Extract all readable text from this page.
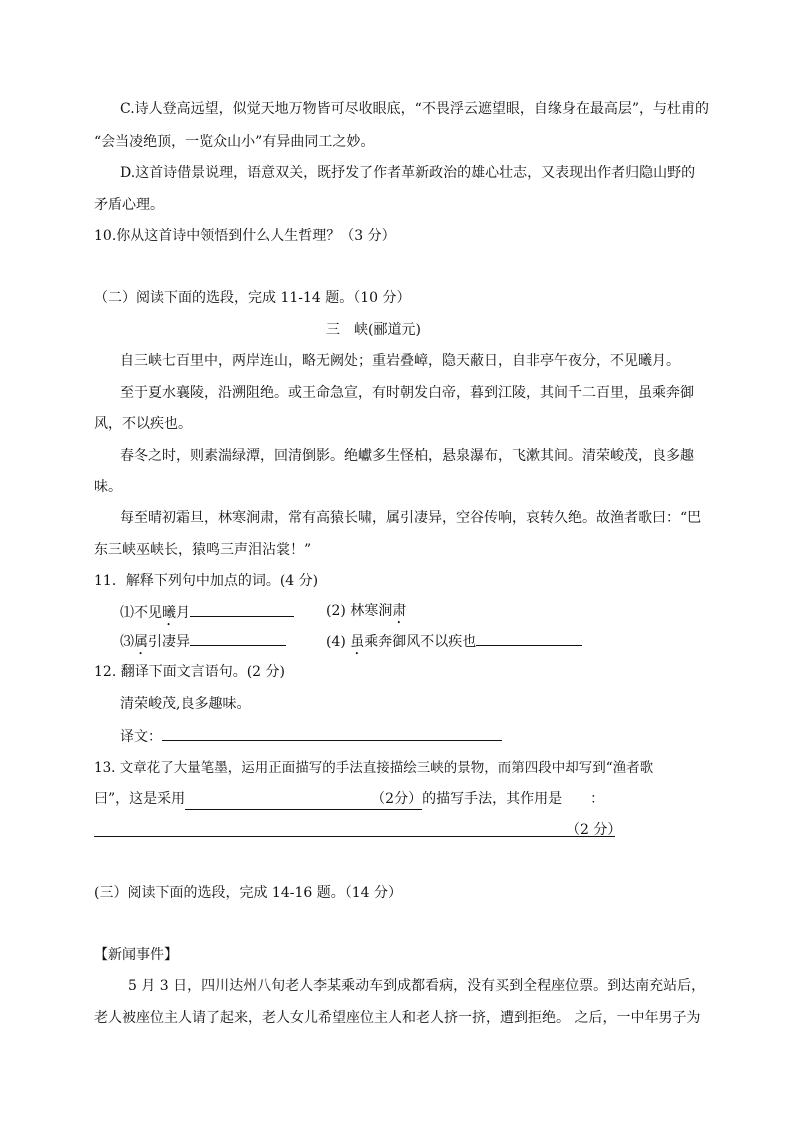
C.诗人登高远望，似觉天地万物皆可尽收眼底，“不畏浮云遮望眼，自缘身在最高层”，与杜甫的
“会当凌绝顶，一览众山小”有异曲同工之妙。
D.这首诗借景说理，语意双关，既抒发了作者革新政治的雄心壮志，又表现出作者归隐山野的
矛盾心理。
10.你从这首诗中领悟到什么人生哲理？（3 分）
（二）阅读下面的选段，完成 11-14 题。（10 分）
三　峡(郦道元)
自三峡七百里中，两岸连山，略无阙处；重岩叠嶂，隐天蔽日，自非亭午夜分，不见曦月。
至于夏水襄陵，沿溯阻绝。或王命急宣，有时朝发白帝，暮到江陵，其间千二百里，虽乘奔御
风，不以疾也。
春冬之时，则素湍绿潭，回清倒影。绝巘多生怪柏，悬泉瀑布，飞漱其间。清荣峻茂，良多趣
味。
每至晴初霜旦，林寒涧肃，常有高猿长啸，属引凄异，空谷传响，哀转久绝。故渔者歌曰：“巴
东三峡巫峡长，猿鸣三声泪沾裳！”
11．解释下列句中加点的词。(4 分)
⑴不见曦月	(2) 林寒涧肃
⑶属引凄异	(4) 虽乘奔御风不以疾也
12. 翻译下面文言语句。(2 分)
清荣峻茂,良多趣味。
译文：
13. 文章花了大量笔墨，运用正面描写的手法直接描绘三峡的景物，而第四段中却写到“渔者歌
曰”，这是采用	（2分）的描写手法，其作用是　　：
（2 分）
(三）阅读下面的选段，完成 14-16 题。（14 分）
【新闻事件】
5 月 3 日，四川达州八旬老人李某乘动车到成都看病，没有买到全程座位票。到达南充站后，
老人被座位主人请了起来，老人女儿希望座位主人和老人挤一挤，遭到拒绝。 之后，一中年男子为
